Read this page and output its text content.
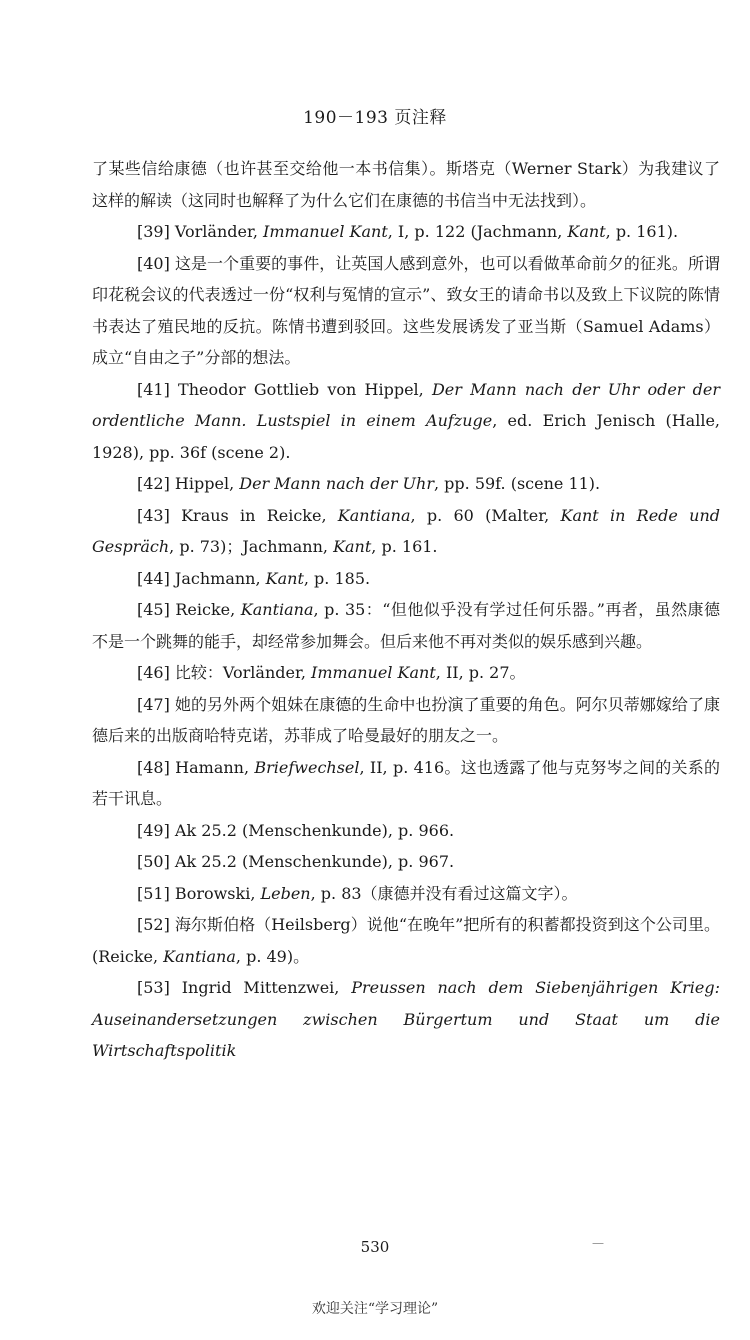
190－193 页注释

了某些信给康德（也许甚至交给他一本书信集）。斯塔克（Werner Stark）为我建议了这样的解读（这同时也解释了为什么它们在康德的书信当中无法找到）。

[39] Vorländer, Immanuel Kant, I, p. 122 (Jachmann, Kant, p. 161).

[40] 这是一个重要的事件，让英国人感到意外，也可以看做革命前夕的征兆。所谓印花税会议的代表透过一份“权利与冤情的宣示”、致女王的请命书以及致上下议院的陈情书表达了殖民地的反抗。陈情书遭到驳回。这些发展诱发了亚当斯（Samuel Adams）成立“自由之子”分部的想法。

[41] Theodor Gottlieb von Hippel, Der Mann nach der Uhr oder der ordentliche Mann. Lustspiel in einem Aufzuge, ed. Erich Jenisch (Halle, 1928), pp. 36f (scene 2).

[42] Hippel, Der Mann nach der Uhr, pp. 59f. (scene 11).

[43] Kraus in Reicke, Kantiana, p. 60 (Malter, Kant in Rede und Gespräch, p. 73)；Jachmann, Kant, p. 161.

[44] Jachmann, Kant, p. 185.

[45] Reicke, Kantiana, p. 35：“但他似乎没有学过任何乐器。”再者，虽然康德不是一个跳舞的能手，却经常参加舞会。但后来他不再对类似的娱乐感到兴趣。

[46] 比较：Vorländer, Immanuel Kant, II, p. 27。

[47] 她的另外两个姐妹在康德的生命中也扮演了重要的角色。阿尔贝蒂娜嫁给了康德后来的出版商哈特克诺，苏菲成了哈曼最好的朋友之一。

[48] Hamann, Briefwechsel, II, p. 416。这也透露了他与克努岑之间的关系的若干讯息。

[49] Ak 25.2 (Menschenkunde), p. 966.

[50] Ak 25.2 (Menschenkunde), p. 967.

[51] Borowski, Leben, p. 83（康德并没有看过这篇文字）。

[52] 海尔斯伯格（Heilsberg）说他“在晚年”把所有的积蓄都投资到这个公司里。(Reicke, Kantiana, p. 49)。

[53] Ingrid Mittenzwei, Preussen nach dem Siebenjährigen Krieg: Auseinandersetzungen zwischen Bürgertum und Staat um die Wirtschaftspolitik

530	—
欢迎关注“学习理论”
